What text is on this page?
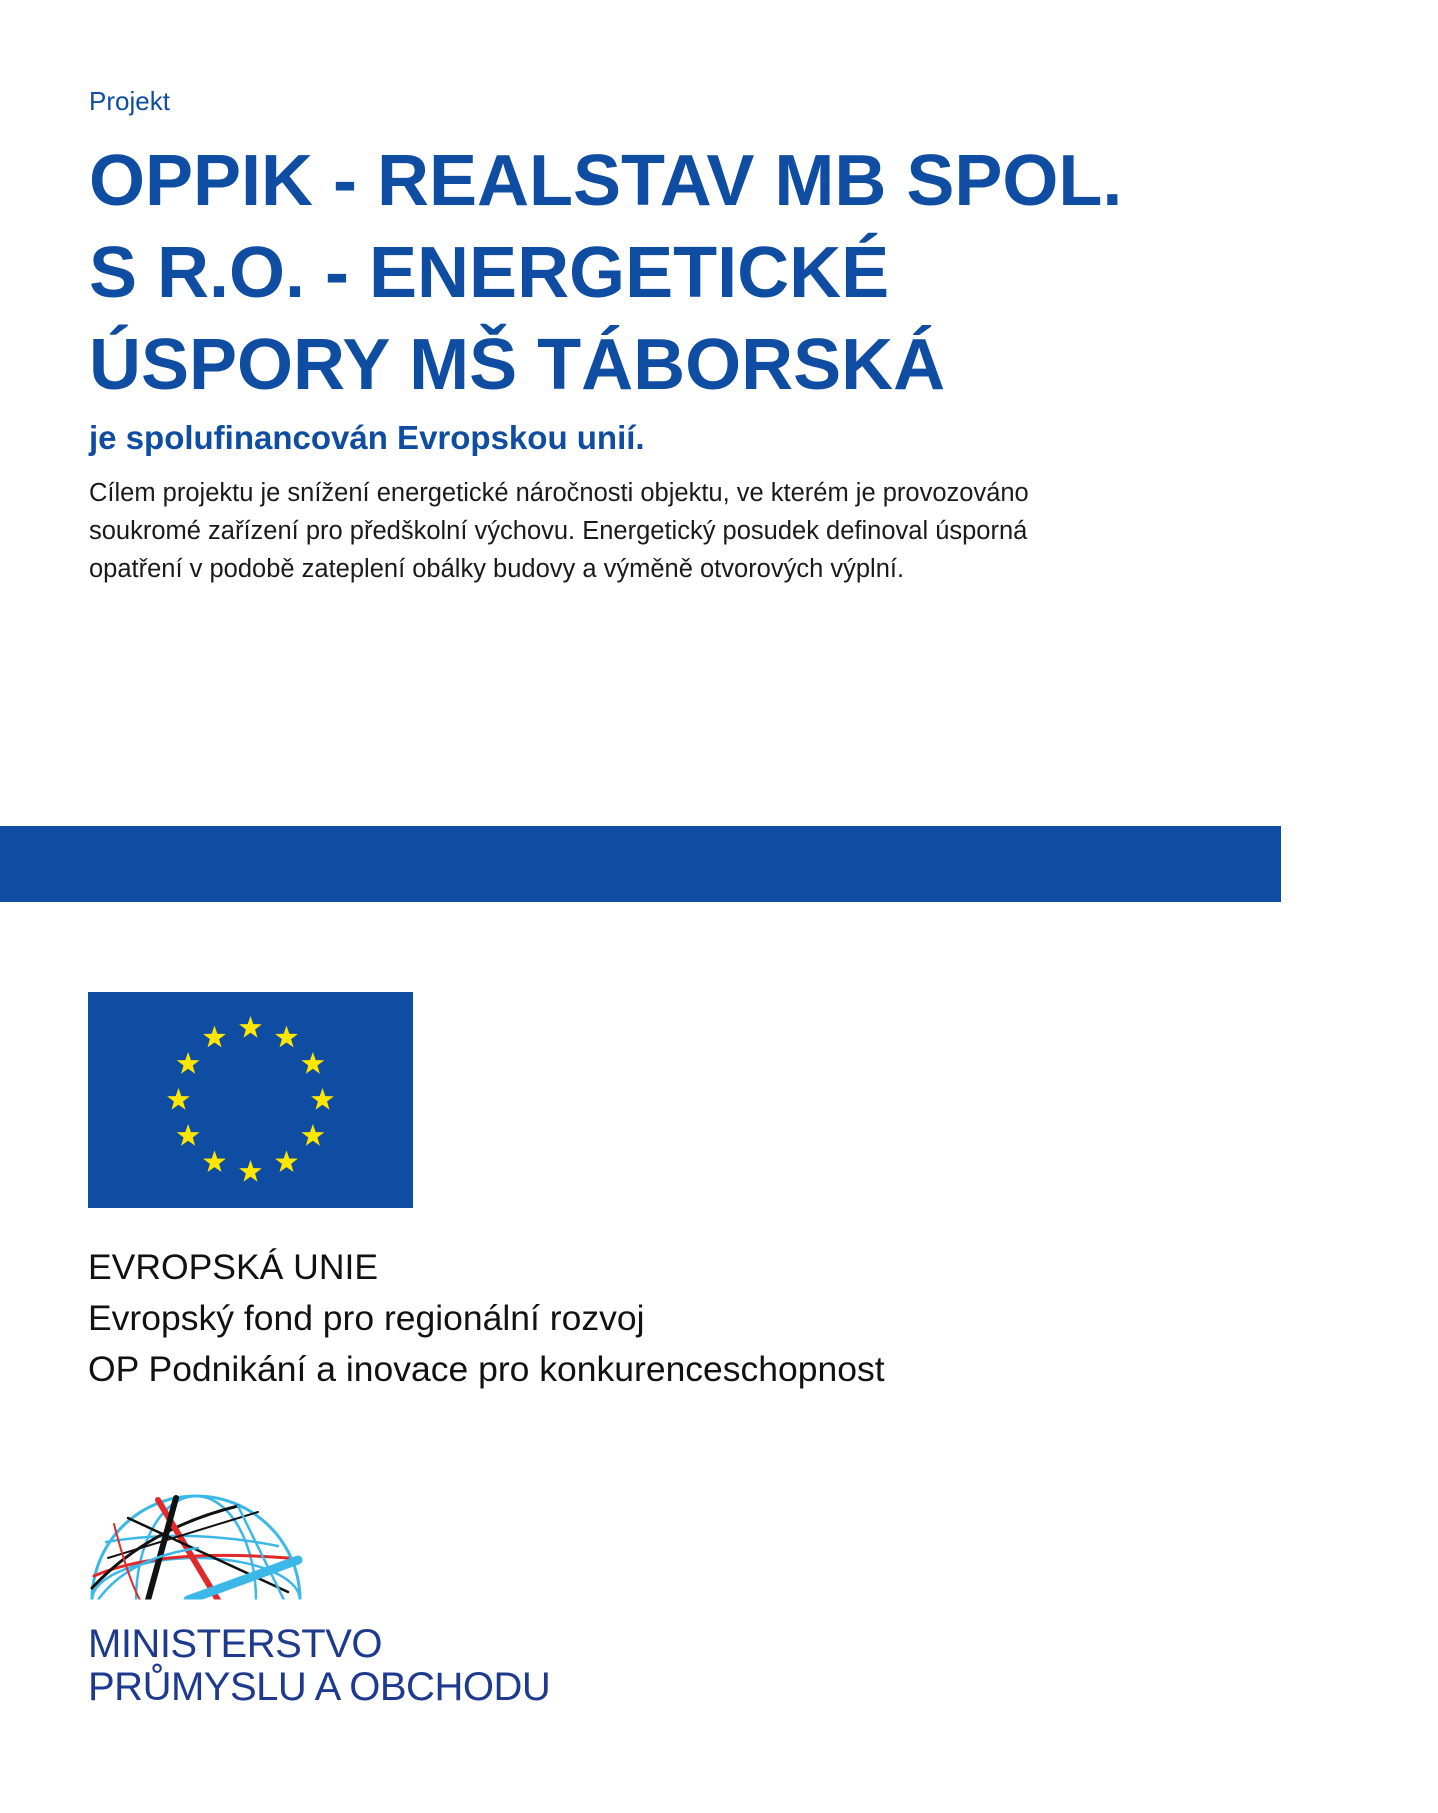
Projekt
OPPIK - REALSTAV MB SPOL.
S R.O. - ENERGETICKÉ
ÚSPORY MŠ TÁBORSKÁ
je spolufinancován Evropskou unií.
Cílem projektu je snížení energetické náročnosti objektu, ve kterém je provozováno
soukromé zařízení pro předškolní výchovu. Energetický posudek definoval úsporná
opatření v podobě zateplení obálky budovy a výměně otvorových výplní.
EVROPSKÁ UNIE
Evropský fond pro regionální rozvoj
OP Podnikání a inovace pro konkurenceschopnost
MINISTERSTVO
PRŮMYSLU A OBCHODU
